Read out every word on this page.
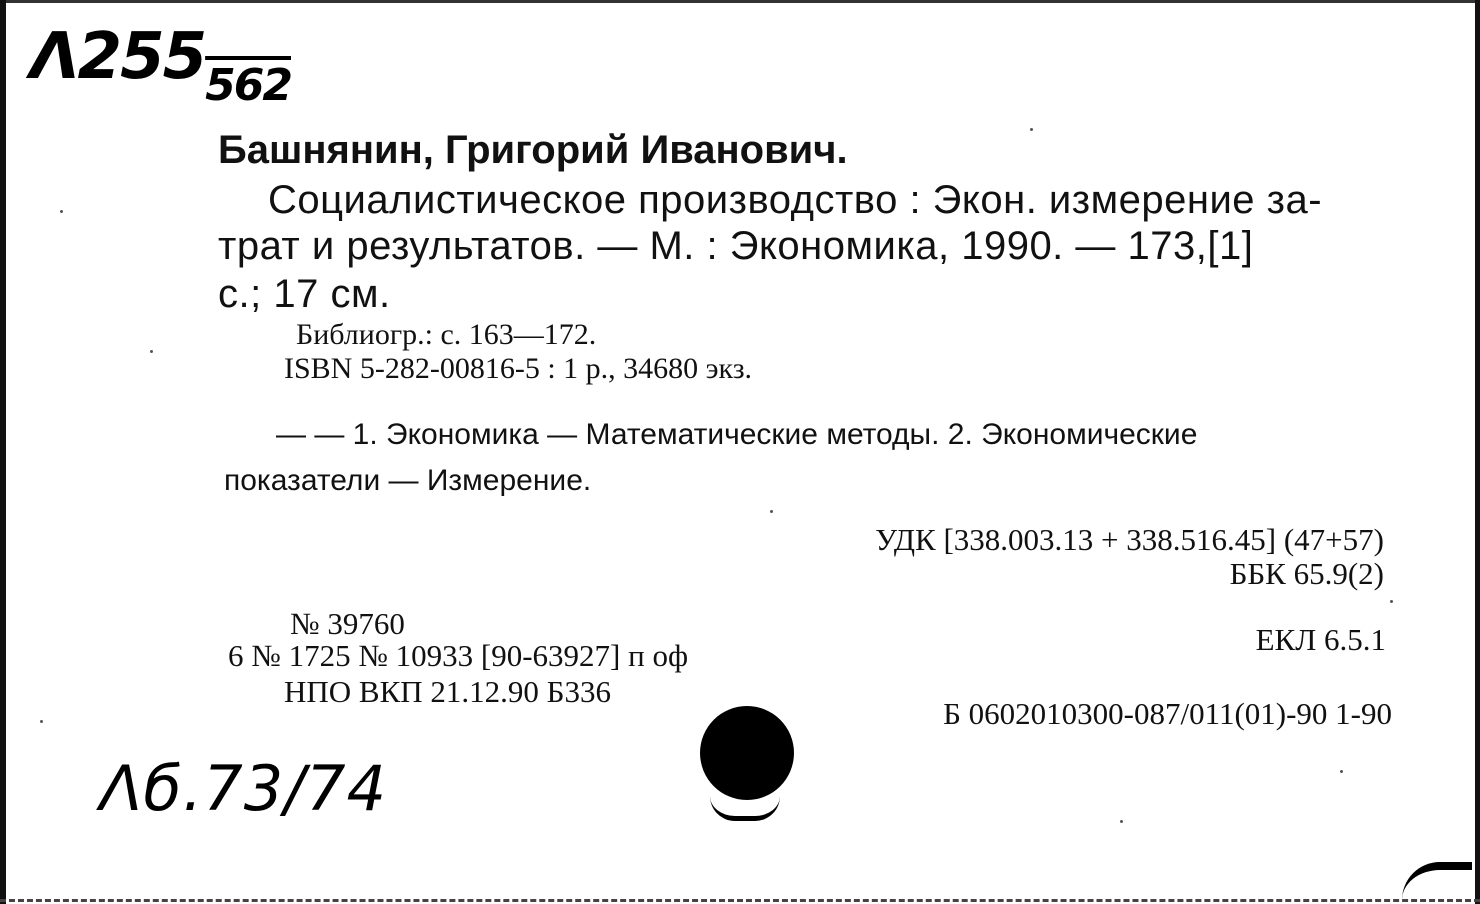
$\Lambda 255_{562}$
Башнянин, Григорий Иванович.
Социалистическое производство : Экон. измерение за-
трат и результатов. — М. : Экономика, 1990. — 173,[1]
с.; 17 см.
Библиогр.: с. 163—172.
ISBN 5-282-00816-5 : 1 р., 34680 экз.
— — 1. Экономика — Математические методы. 2. Экономические
показатели — Измерение.
УДК [338.003.13 + 338.516.45] (47+57)
ББК 65.9(2)
№ 39760
6 № 1725 № 10933 [90-63927] п оф
НПО ВКП 21.12.90 Б336
ЕКЛ 6.5.1
Б 0602010300-087/011(01)-90 1-90
Λб.73/74
